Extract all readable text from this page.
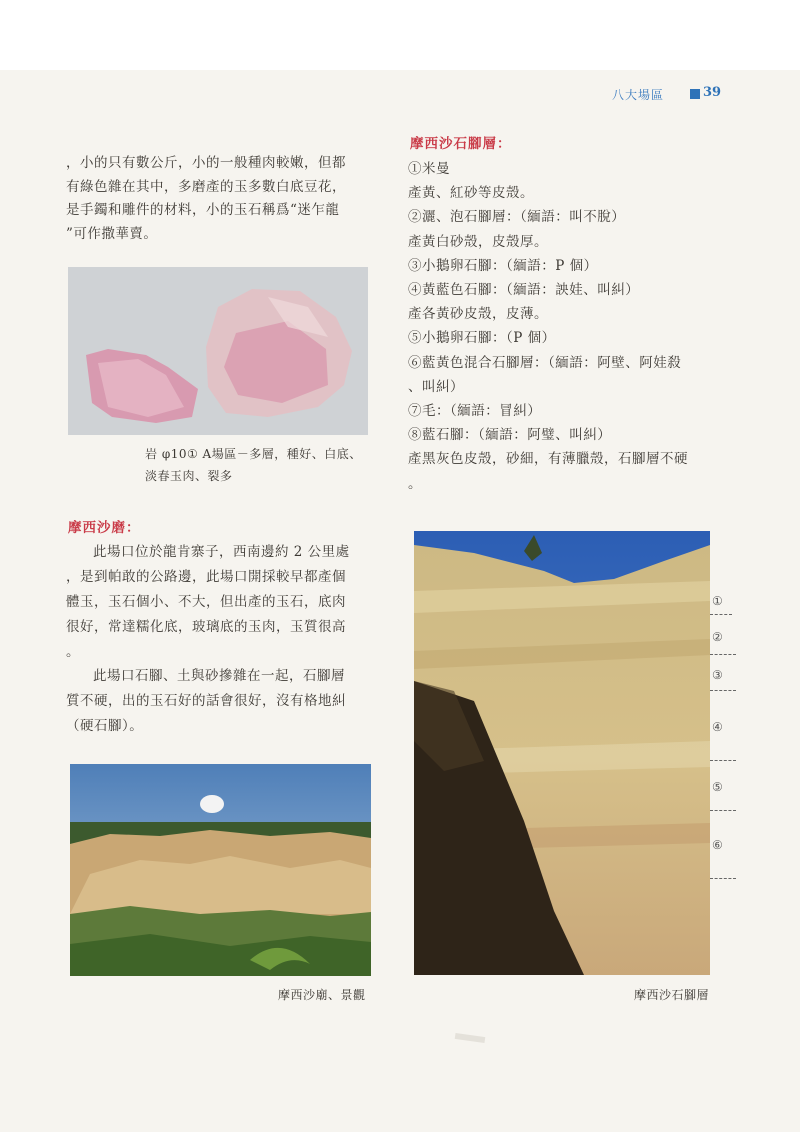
八大場區	39
，小的只有數公斤，小的一般種肉較嫩，但都
有綠色雜在其中，多磨產的玉多數白底豆花，
是手鐲和雕件的材料，小的玉石稱爲“迷乍龍
”可作撒華賣。
岩 φ10① A場區－多層，種好、白底、
淡春玉肉、裂多
摩西沙磨：
此場口位於龍肯寨子，西南邊約 2 公里處
，是到帕敢的公路邊，此場口開採較早都產個
體玉，玉石個小、不大，但出產的玉石，底肉
很好，常達糯化底，玻璃底的玉肉，玉質很高
。
此場口石腳、土與砂摻雜在一起，石腳層
質不硬，出的玉石好的話會很好，沒有格地糾
（硬石腳）。
摩西沙廟、景觀
摩西沙石腳層：
①米曼
產黃、紅砂等皮殼。
②灑、泡石腳層：（緬語：叫不脫）
產黃白砂殼，皮殼厚。
③小鵝卵石腳：（緬語：P 個）
④黃藍色石腳：（緬語：詇娃、叫糾）
產各黃砂皮殼，皮薄。
⑤小鵝卵石腳：（P 個）
⑥藍黃色混合石腳層：（緬語：阿壁、阿娃殺
、叫糾）
⑦毛：（緬語：冒糾）
⑧藍石腳：（緬語：阿璧、叫糾）
產黑灰色皮殼，砂細，有薄臘殼，石腳層不硬
。
①
②
③
④
⑤
⑥
摩西沙石腳層
